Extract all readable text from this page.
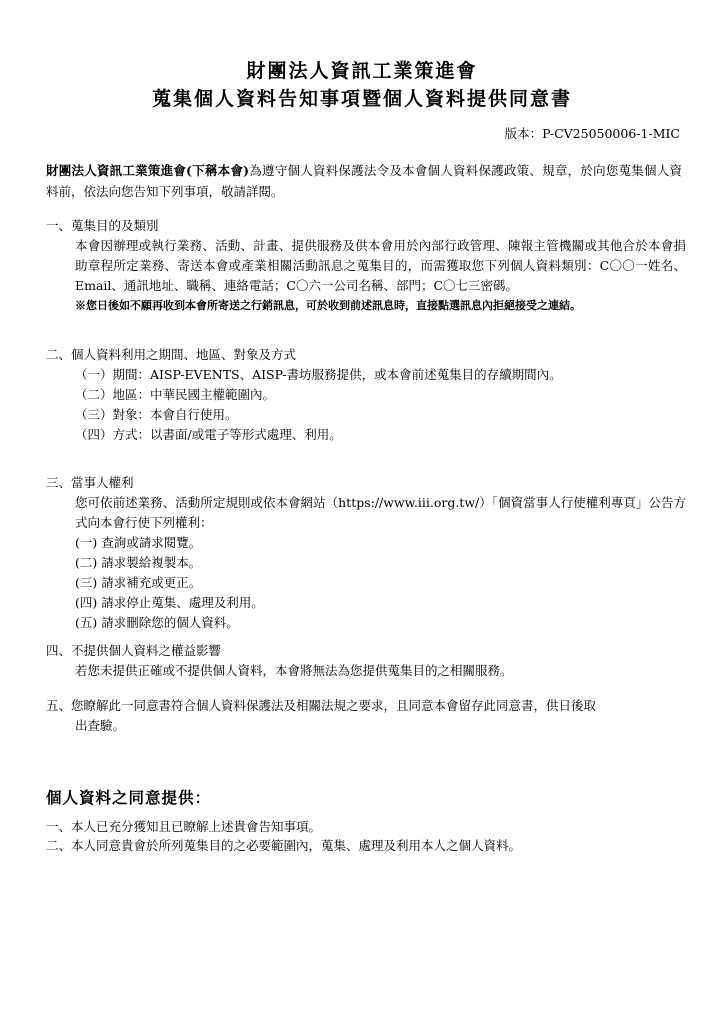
財團法人資訊工業策進會
蒐集個人資料告知事項暨個人資料提供同意書
版本：P-CV25050006-1-MIC
財團法人資訊工業策進會(下稱本會)為遵守個人資料保護法令及本會個人資料保護政策、規章，於向您蒐集個人資料前，依法向您告知下列事項，敬請詳閱。
一、蒐集目的及類別

本會因辦理或執行業務、活動、計畫、提供服務及供本會用於內部行政管理、陳報主管機關或其他合於本會捐助章程所定業務、寄送本會或產業相關活動訊息之蒐集目的，而需獲取您下列個人資料類別：C〇〇一姓名、Email、通訊地址、職稱、連絡電話；C〇六一公司名稱、部門；C〇七三密碼。

※您日後如不願再收到本會所寄送之行銷訊息，可於收到前述訊息時，直接點選訊息內拒絕接受之連結。

二、個人資料利用之期間、地區、對象及方式

（一）期間：AISP-EVENTS、AISP-書坊服務提供，或本會前述蒐集目的存續期間內。

（二）地區：中華民國主權範圍內。

（三）對象：本會自行使用。

（四）方式：以書面/或電子等形式處理、利用。

三、當事人權利

您可依前述業務、活動所定規則或依本會網站（https://www.iii.org.tw/）「個資當事人行使權利專頁」公告方式向本會行使下列權利：

(一) 查詢或請求閱覽。

(二) 請求製給複製本。

(三) 請求補充或更正。

(四) 請求停止蒐集、處理及利用。

(五) 請求刪除您的個人資料。

四、不提供個人資料之權益影響

若您未提供正確或不提供個人資料，本會將無法為您提供蒐集目的之相關服務。

五、您瞭解此一同意書符合個人資料保護法及相關法規之要求，且同意本會留存此同意書，供日後取

出查驗。

個人資料之同意提供：
一、本人已充分獲知且已瞭解上述貴會告知事項。
二、本人同意貴會於所列蒐集目的之必要範圍內，蒐集、處理及利用本人之個人資料。
